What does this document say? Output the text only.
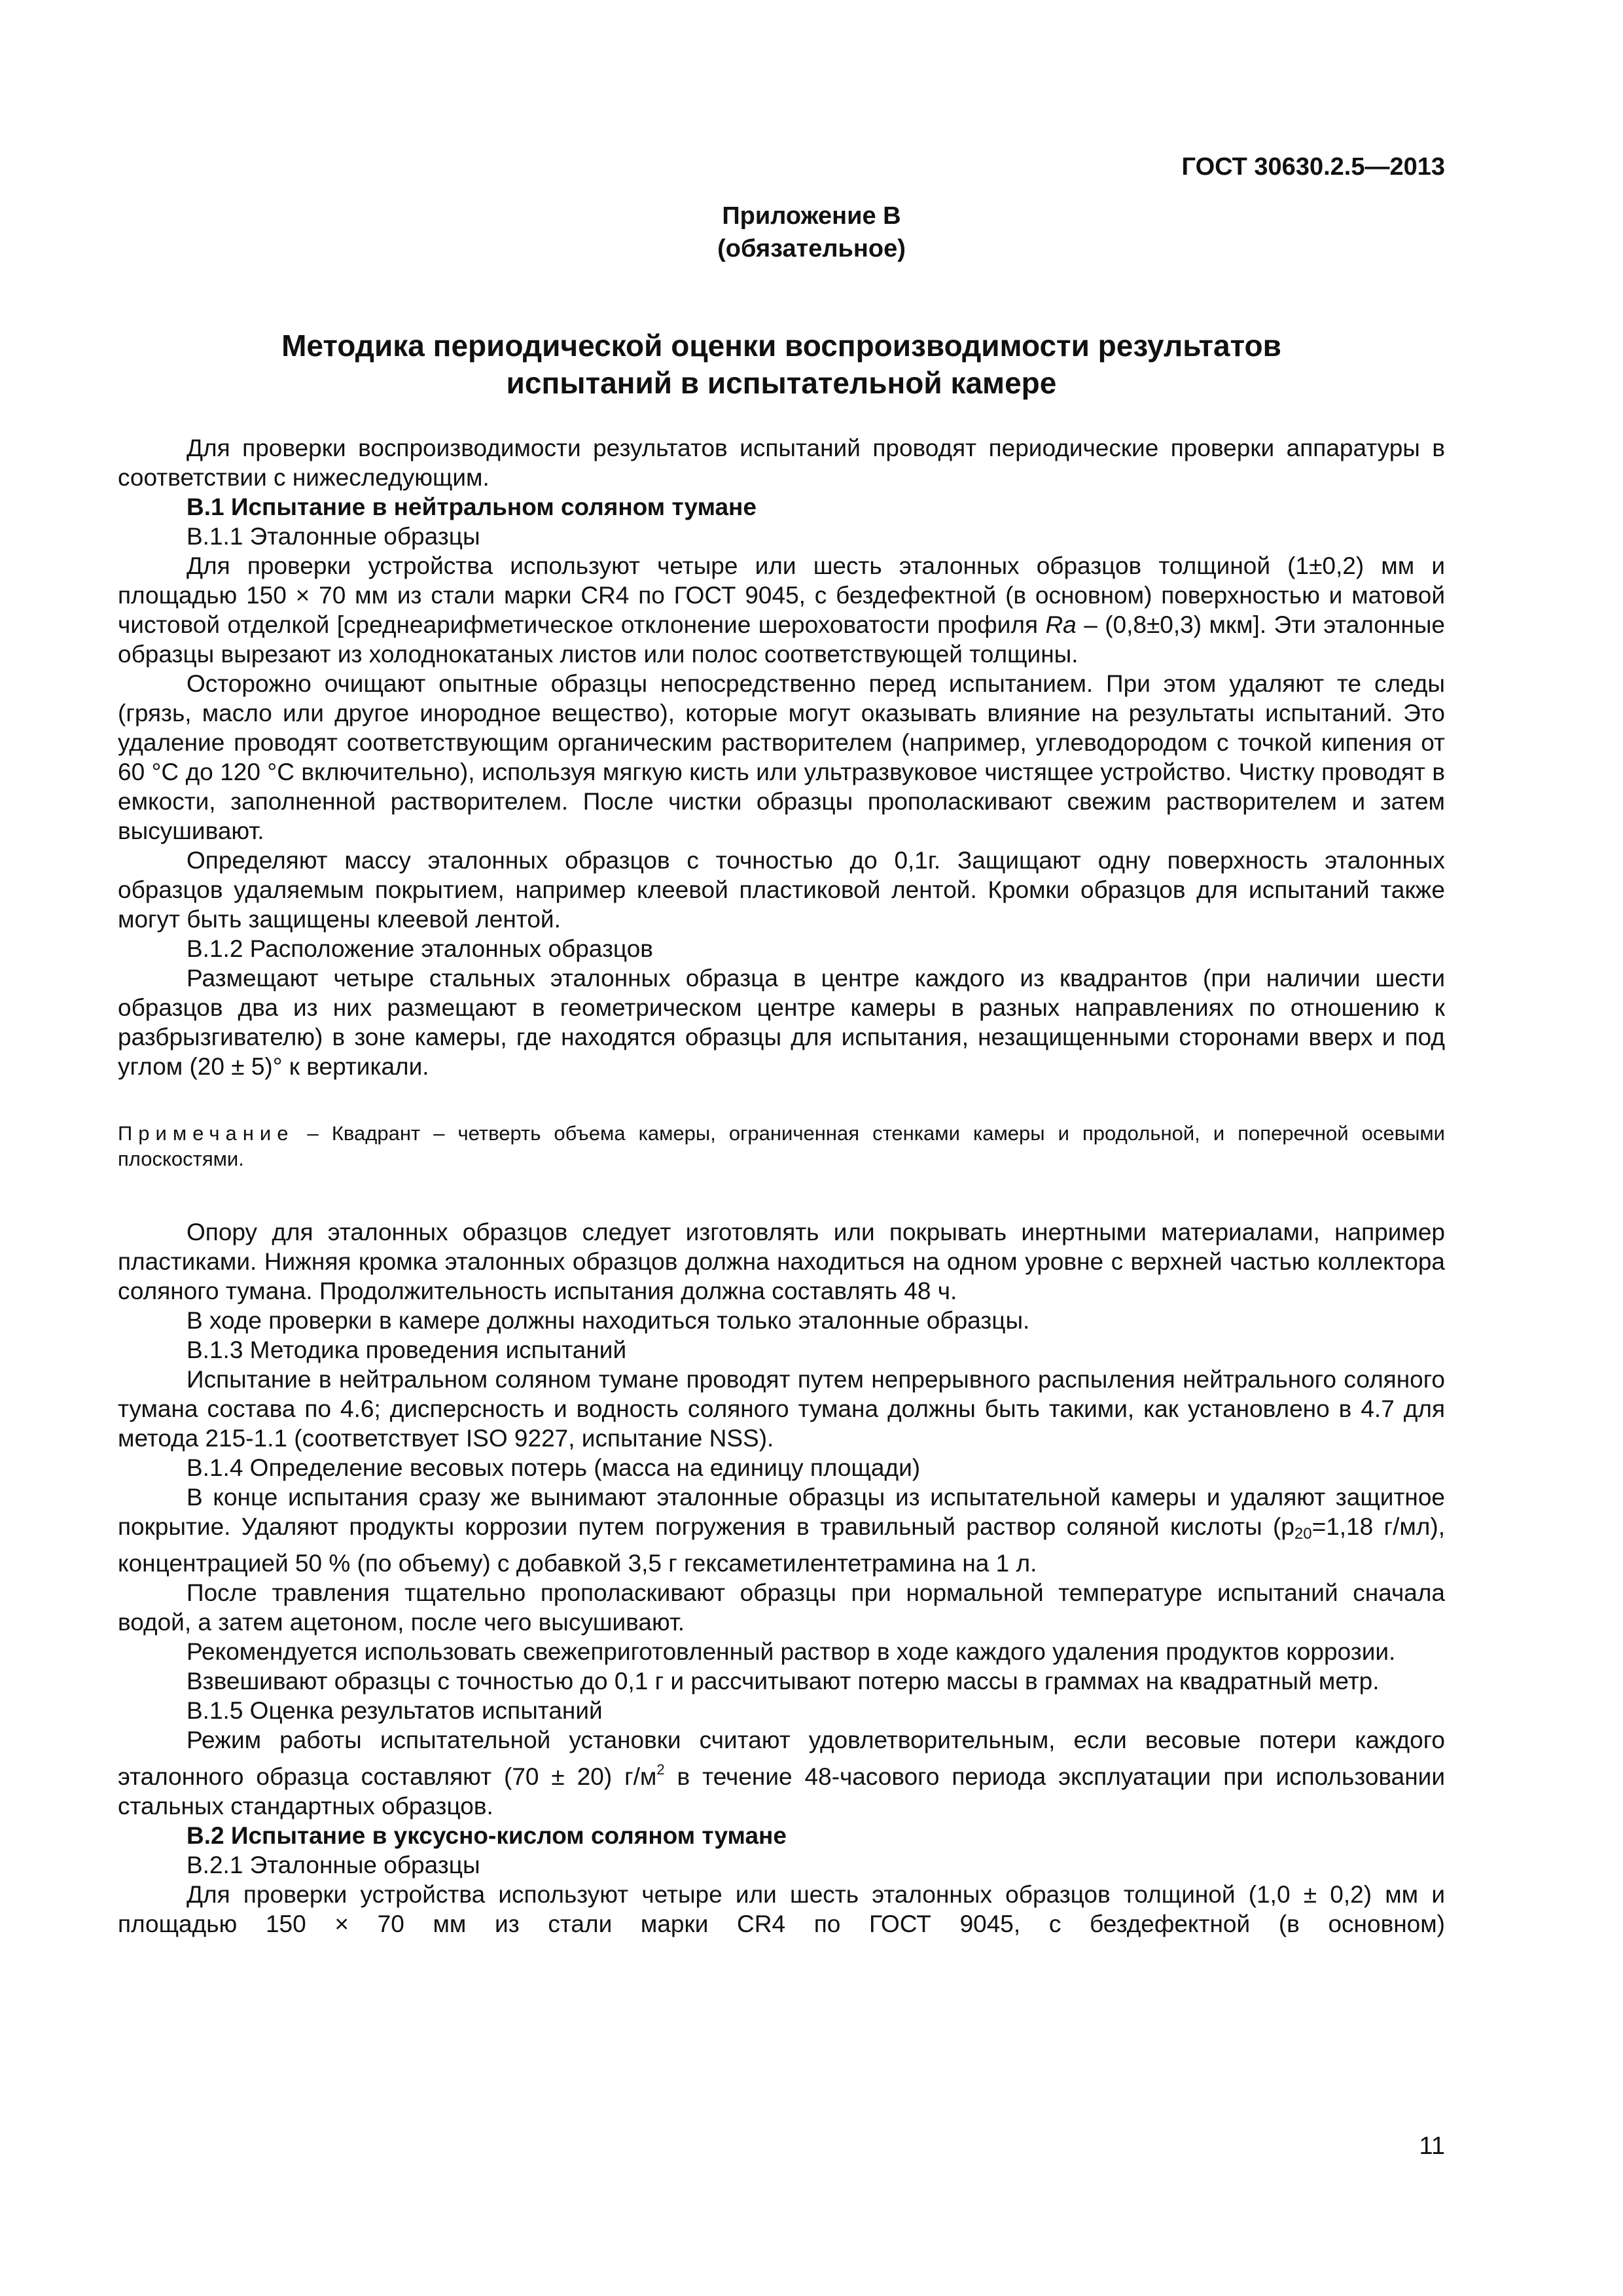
ГОСТ 30630.2.5—2013
Приложение В
(обязательное)
Методика периодической оценки воспроизводимости результатов
испытаний в испытательной камере

Для проверки воспроизводимости результатов испытаний проводят периодические проверки аппаратуры в соответствии с нижеследующим.

В.1 Испытание в нейтральном соляном тумане

В.1.1 Эталонные образцы

Для проверки устройства используют четыре или шесть эталонных образцов толщиной (1±0,2) мм и площадью 150 × 70 мм из стали марки CR4 по ГОСТ 9045, с бездефектной (в основном) поверхностью и матовой чистовой отделкой [среднеарифметическое отклонение шероховатости профиля Ra – (0,8±0,3) мкм]. Эти эталонные образцы вырезают из холоднокатаных листов или полос соответствующей толщины.

Осторожно очищают опытные образцы непосредственно перед испытанием. При этом удаляют те следы (грязь, масло или другое инородное вещество), которые могут оказывать влияние на результаты испытаний. Это удаление проводят соответствующим органическим растворителем (например, углеводородом с точкой кипения от 60 °С до 120 °С включительно), используя мягкую кисть или ультразвуковое чистящее устройство. Чистку проводят в емкости, заполненной растворителем. После чистки образцы прополаскивают свежим растворителем и затем высушивают.

Определяют массу эталонных образцов с точностью до 0,1г. Защищают одну поверхность эталонных образцов удаляемым покрытием, например клеевой пластиковой лентой. Кромки образцов для испытаний также могут быть защищены клеевой лентой.

В.1.2 Расположение эталонных образцов

Размещают четыре стальных эталонных образца в центре каждого из квадрантов (при наличии шести образцов два из них размещают в геометрическом центре камеры в разных направлениях по отношению к разбрызгивателю) в зоне камеры, где находятся образцы для испытания, незащищенными сторонами вверх и под углом (20 ± 5)° к вертикали.

Примечание – Квадрант – четверть объема камеры, ограниченная стенками камеры и продольной, и поперечной осевыми плоскостями.

Опору для эталонных образцов следует изготовлять или покрывать инертными материалами, например пластиками. Нижняя кромка эталонных образцов должна находиться на одном уровне с верхней частью коллектора соляного тумана. Продолжительность испытания должна составлять 48 ч.

В ходе проверки в камере должны находиться только эталонные образцы.

В.1.3 Методика проведения испытаний

Испытание в нейтральном соляном тумане проводят путем непрерывного распыления нейтрального соляного тумана состава по 4.6; дисперсность и водность соляного тумана должны быть такими, как установлено в 4.7 для метода 215-1.1 (соответствует ISO 9227, испытание NSS).

В.1.4 Определение весовых потерь (масса на единицу площади)

В конце испытания сразу же вынимают эталонные образцы из испытательной камеры и удаляют защитное покрытие. Удаляют продукты коррозии путем погружения в травильный раствор соляной кислоты ($р_{20}=1,18$ г/мл), концентрацией 50 % (по объему) с добавкой 3,5 г гексаметилентетрамина на 1 л.

После травления тщательно прополаскивают образцы при нормальной температуре испытаний сначала водой, а затем ацетоном, после чего высушивают.

Рекомендуется использовать свежеприготовленный раствор в ходе каждого удаления продуктов коррозии.

Взвешивают образцы с точностью до 0,1 г и рассчитывают потерю массы в граммах на квадратный метр.

В.1.5 Оценка результатов испытаний

Режим работы испытательной установки считают удовлетворительным, если весовые потери каждого эталонного образца составляют (70 ± 20) $г/м^2$ в течение 48-часового периода эксплуатации при использовании стальных стандартных образцов.

В.2 Испытание в уксусно-кислом соляном тумане

В.2.1 Эталонные образцы

Для проверки устройства используют четыре или шесть эталонных образцов толщиной (1,0 ± 0,2) мм и площадью 150 × 70 мм из стали марки CR4 по ГОСТ 9045, с бездефектной (в основном)

11
